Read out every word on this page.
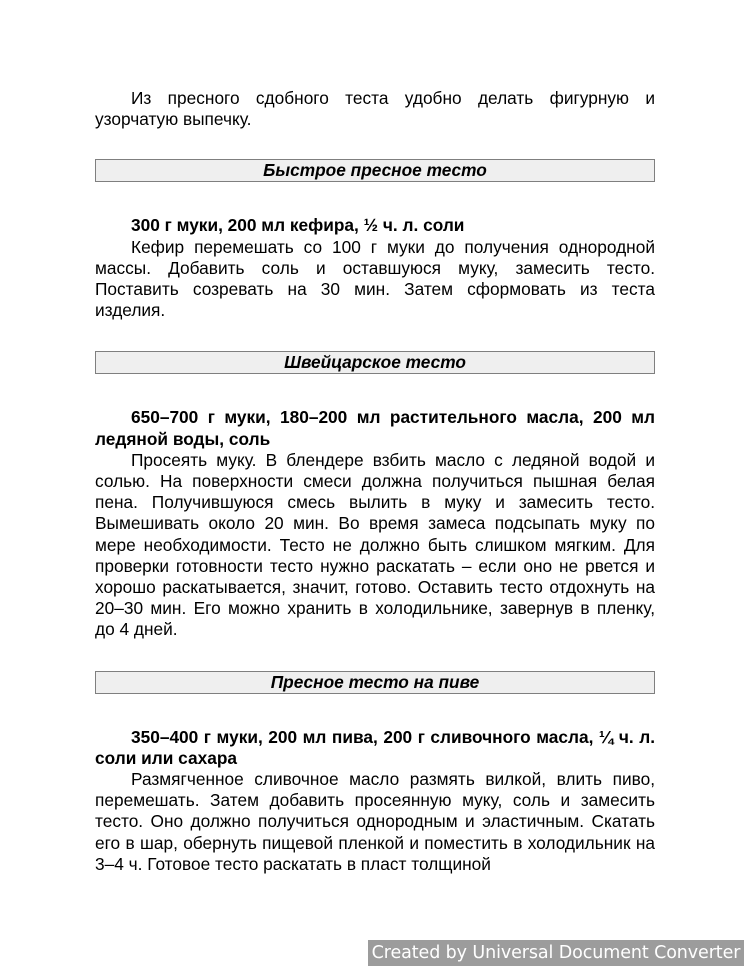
Из пресного сдобного теста удобно делать фигурную и узорчатую выпечку.

Быстрое пресное тесто

300 г муки, 200 мл кефира, ½ ч. л. соли

Кефир перемешать со 100 г муки до получения однородной массы. Добавить соль и оставшуюся муку, замесить тесто. Поставить созревать на 30 мин. Затем сформовать из теста изделия.

Швейцарское тесто

650–700 г муки, 180–200 мл растительного масла, 200 мл ледяной воды, соль

Просеять муку. В блендере взбить масло с ледяной водой и солью. На поверхности смеси должна получиться пышная белая пена. Получившуюся смесь вылить в муку и замесить тесто. Вымешивать около 20 мин. Во время замеса подсыпать муку по мере необходимости. Тесто не должно быть слишком мягким. Для проверки готовности тесто нужно раскатать – если оно не рвется и хорошо раскатывается, значит, готово. Оставить тесто отдохнуть на 20–30 мин. Его можно хранить в холодильнике, завернув в пленку, до 4 дней.

Пресное тесто на пиве

350–400 г муки, 200 мл пива, 200 г сливочного масла, ¼ ч. л. соли или сахара

Размягченное сливочное масло размять вилкой, влить пиво, перемешать. Затем добавить просеянную муку, соль и замесить тесто. Оно должно получиться однородным и эластичным. Скатать его в шар, обернуть пищевой пленкой и поместить в холодильник на 3–4 ч. Готовое тесто раскатать в пласт толщиной

Created by Universal Document Converter
